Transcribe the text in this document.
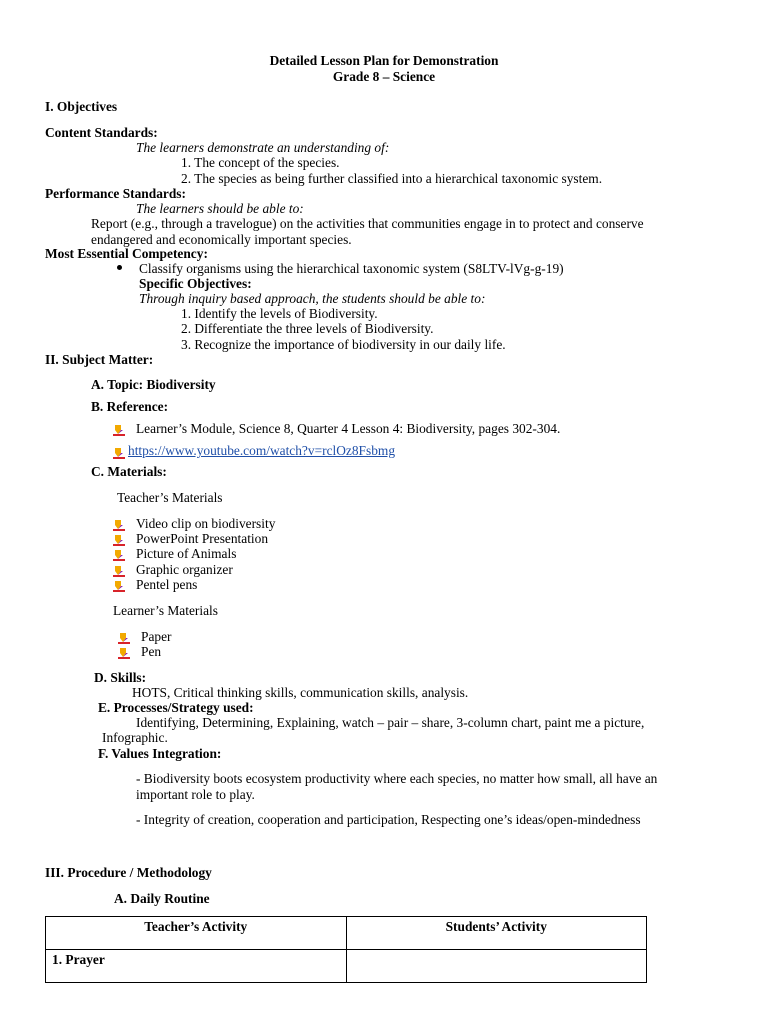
Detailed Lesson Plan for Demonstration
Grade 8 – Science
I. Objectives
Content Standards:
The learners demonstrate an understanding of:
1. The concept of the species.
2. The species as being further classified into a hierarchical taxonomic system.
Performance Standards:
The learners should be able to:
Report (e.g., through a travelogue) on the activities that communities engage in to protect and conserve
endangered and economically important species.
Most Essential Competency:
Classify organisms using the hierarchical taxonomic system (S8LTV-lVg-g-19)
Specific Objectives:
Through inquiry based approach, the students should be able to:
1. Identify the levels of Biodiversity.
2. Differentiate the three levels of Biodiversity.
3. Recognize the importance of biodiversity in our daily life.
II. Subject Matter:
A. Topic: Biodiversity
B. Reference:
Learner’s Module, Science 8, Quarter 4 Lesson 4: Biodiversity, pages 302-304.
https://www.youtube.com/watch?v=rclOz8Fsbmg
C. Materials:
Teacher’s Materials
Video clip on biodiversity
PowerPoint Presentation
Picture of Animals
Graphic organizer
Pentel pens
Learner’s Materials
Paper
Pen
D. Skills:
HOTS, Critical thinking skills, communication skills, analysis.
E. Processes/Strategy used:
Identifying, Determining, Explaining, watch – pair – share, 3-column chart, paint me a picture,
Infographic.
F. Values Integration:
- Biodiversity boots ecosystem productivity where each species, no matter how small, all have an
important role to play.
- Integrity of creation, cooperation and participation, Respecting one’s ideas/open-mindedness
III. Procedure / Methodology
A. Daily Routine
Teacher’s Activity	Students’ Activity
1. Prayer	
